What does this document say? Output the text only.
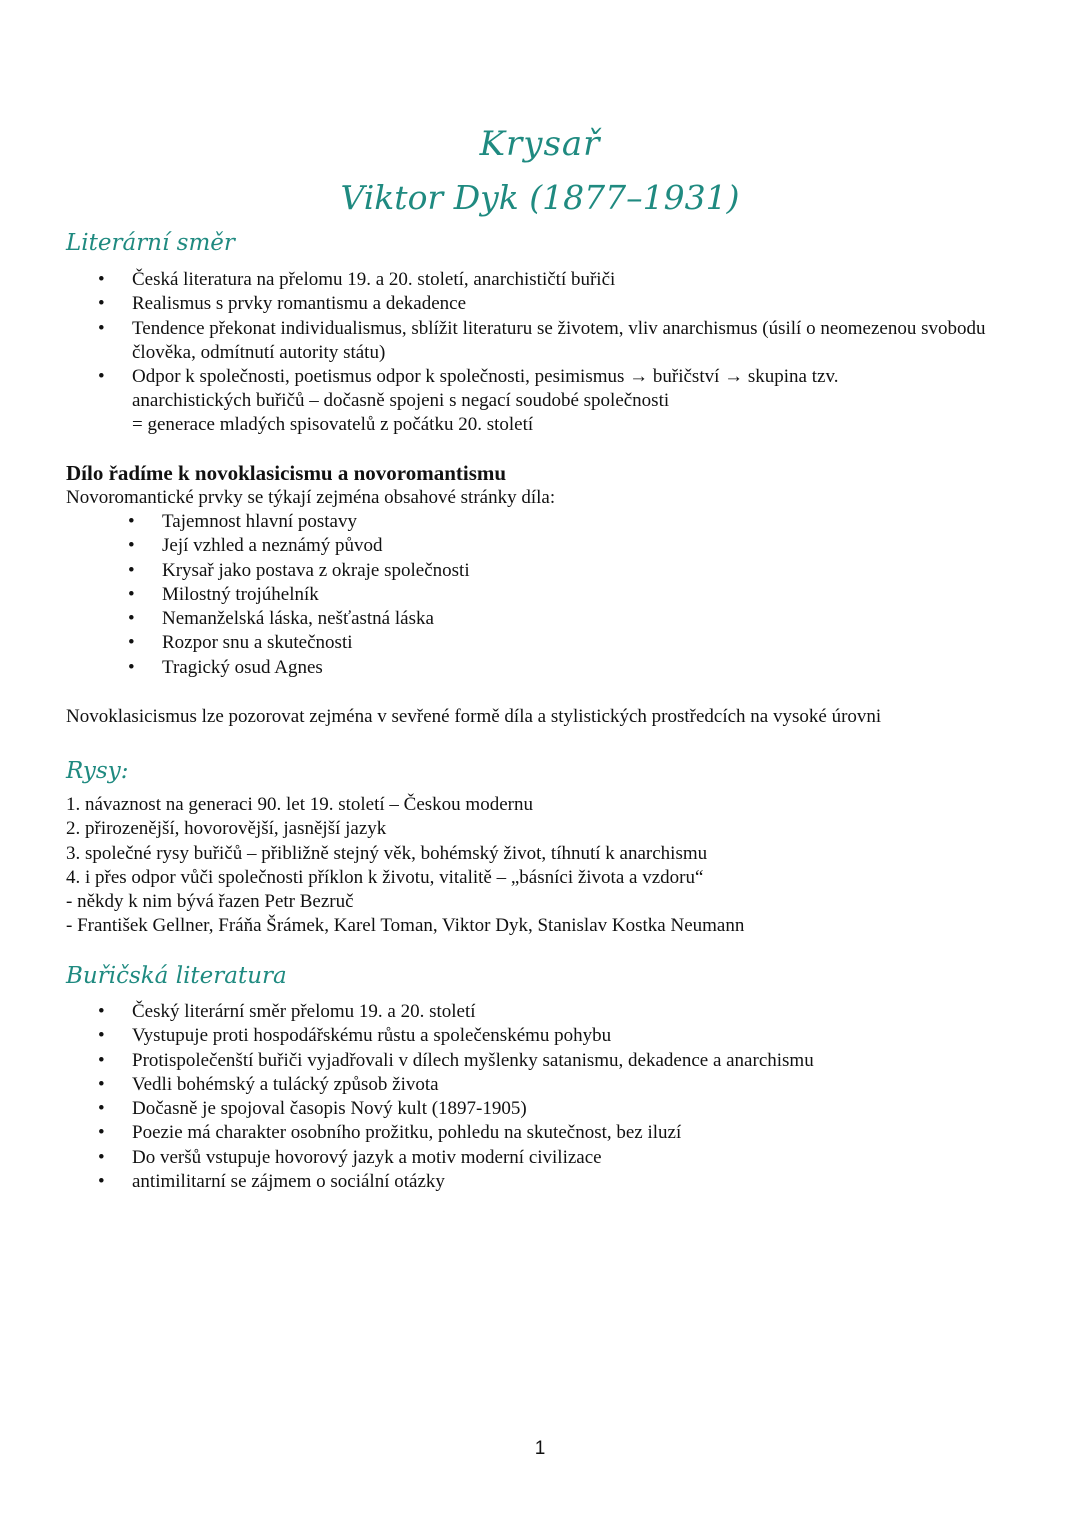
Krysař
Viktor Dyk (1877–1931)
Literární směr
• Česká literatura na přelomu 19. a 20. století, anarchističtí buřiči
• Realismus s prvky romantismu a dekadence
• Tendence překonat individualismus, sblížit literaturu se životem, vliv anarchismus (úsilí o neomezenou svobodu člověka, odmítnutí autority státu)
• Odpor k společnosti, poetismus odpor k společnosti, pesimismus → buřičství → skupina tzv. anarchistických buřičů – dočasně spojeni s negací soudobé společnosti
= generace mladých spisovatelů z počátku 20. století
Dílo řadíme k novoklasicismu a novoromantismu
Novoromantické prvky se týkají zejména obsahové stránky díla:
• Tajemnost hlavní postavy
• Její vzhled a neznámý původ
• Krysař jako postava z okraje společnosti
• Milostný trojúhelník
• Nemanželská láska, nešťastná láska
• Rozpor snu a skutečnosti
• Tragický osud Agnes
Novoklasicismus lze pozorovat zejména v sevřené formě díla a stylistických prostředcích na vysoké úrovni
Rysy:
1. návaznost na generaci 90. let 19. století – Českou modernu
2. přirozenější, hovorovější, jasnější jazyk
3. společné rysy buřičů – přibližně stejný věk, bohémský život, tíhnutí k anarchismu
4. i přes odpor vůči společnosti příklon k životu, vitalitě – „básníci života a vzdoru“
- někdy k nim bývá řazen Petr Bezruč
- František Gellner, Fráňa Šrámek, Karel Toman, Viktor Dyk, Stanislav Kostka Neumann
Buřičská literatura
• Český literární směr přelomu 19. a 20. století
• Vystupuje proti hospodářskému růstu a společenskému pohybu
• Protispolečenští buřiči vyjadřovali v dílech myšlenky satanismu, dekadence a anarchismu
• Vedli bohémský a tulácký způsob života
• Dočasně je spojoval časopis Nový kult (1897-1905)
• Poezie má charakter osobního prožitku, pohledu na skutečnost, bez iluzí
• Do veršů vstupuje hovorový jazyk a motiv moderní civilizace
• antimilitarní se zájmem o sociální otázky
1
